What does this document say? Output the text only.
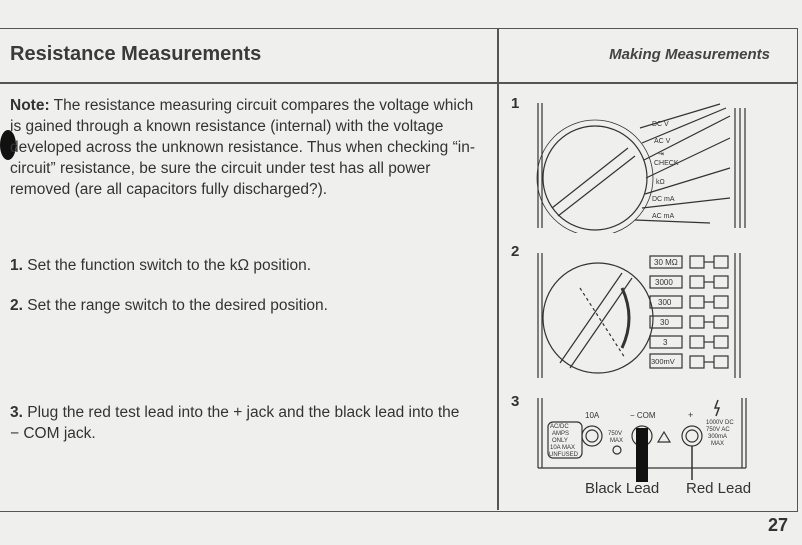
Resistance Measurements	Making Measurements

Note: The resistance measuring circuit compares the voltage which is gained through a known resistance (internal) with the voltage developed across the unknown resistance. Thus when checking “in-circuit” resistance, be sure the circuit under test has all power removed (are all capacitors fully discharged?).

1. Set the function switch to the kΩ position.

2. Set the range switch to the desired position.

3. Plug the red test lead into the + jack and the black lead into the − COM jack.

1
DC V
AC V
⇥
CHECK
kΩ
DC mA
AC mA
2
30 MΩ
3000
300
30
3
300mV
3
10A	− COM	+
AC/DC
AMPS
ONLY
10A MAX
UNFUSED
750V
MAX
1000V DC
750V AC
300mA
MAX
Black Lead Red Lead
27
